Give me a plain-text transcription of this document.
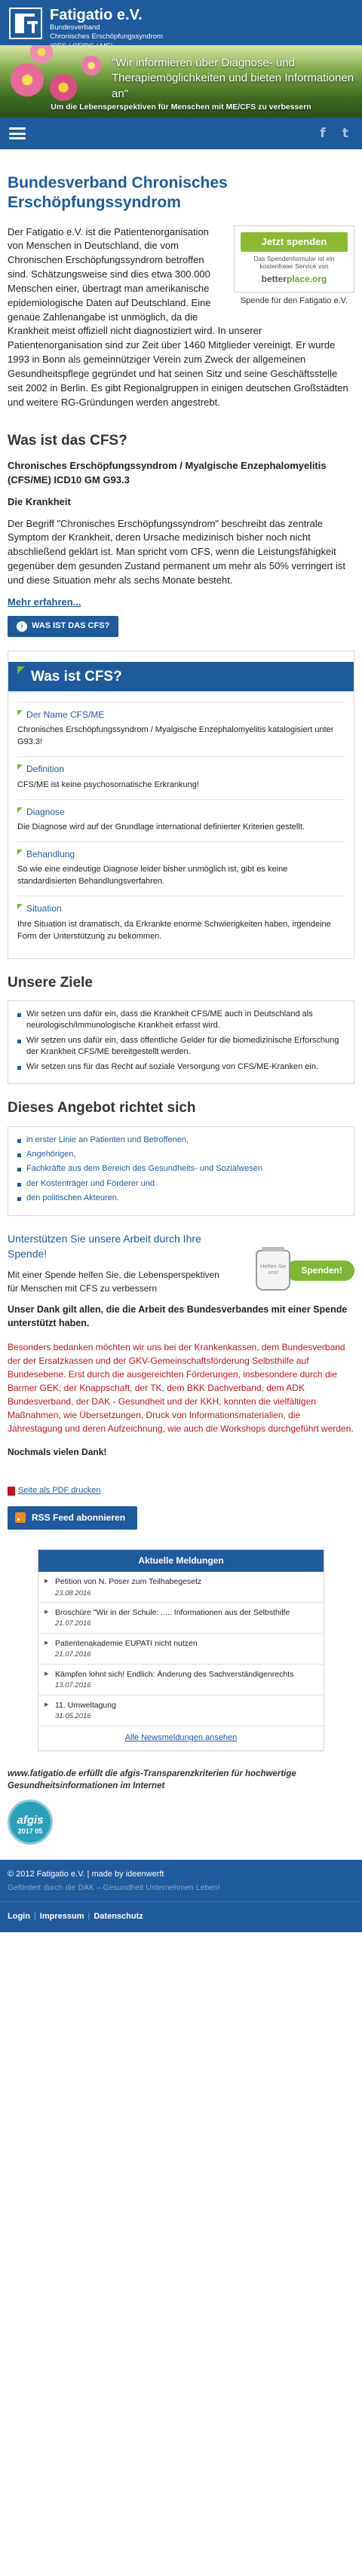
Fatigatio e.V.
Bundesverband
Chronisches Erschöpfungssyndrom
"Wir informieren über Diagnose- und Therapiemöglichkeiten und bieten Informationen an"
Um die Lebensperspektiven für Menschen mit ME/CFS zu verbessern
f	t
Bundesverband Chronisches Erschöpfungssyndrom
Jetzt spenden
Das Spendenformular ist ein kostenfreier Service von
betterplace.org
Spende für den Fatigatio e.V.

Der Fatigatio e.V. ist die Patientenorganisation von Menschen in Deutschland, die vom Chronischen Erschöpfungssyndrom betroffen sind. Schätzungsweise sind dies etwa 300.000 Menschen einer, übertragt man amerikanische epidemiologische Daten auf Deutschland. Eine genaue Zahlenangabe ist unmöglich, da die Krankheit meist offiziell nicht diagnostiziert wird. In unserer Patientenorganisation sind zur Zeit über 1460 Mitglieder vereinigt. Er wurde 1993 in Bonn als gemeinnütziger Verein zum Zweck der allgemeinen Gesundheitspflege gegründet und hat seinen Sitz und seine Geschäftsstelle seit 2002 in Berlin. Es gibt Regionalgruppen in einigen deutschen Großstädten und weitere RG-Gründungen werden angestrebt.

Was ist das CFS?

Chronisches Erschöpfungssyndrom / Myalgische Enzephalomyelitis (CFS/ME) ICD10 GM G93.3

Die Krankheit

Der Begriff "Chronisches Erschöpfungssyndrom" beschreibt das zentrale Symptom der Krankheit, deren Ursache medizinisch bisher noch nicht abschließend geklärt ist. Man spricht vom CFS, wenn die Leistungsfähigkeit gegenüber dem gesunden Zustand permanent um mehr als 50% verringert ist und diese Situation mehr als sechs Monate besteht.

Mehr erfahren...
›	WAS IST DAS CFS?
Was ist CFS?
Der Name CFS/ME
Chronisches Erschöpfungssyndrom / Myalgische Enzephalomyelitis katalogisiert unter G93.3!
Definition
CFS/ME ist keine psychosomatische Erkrankung!
Diagnose
Die Diagnose wird auf der Grundlage international definierter Kriterien gestellt.
Behandlung
So wie eine eindeutige Diagnose leider bisher unmöglich ist, gibt es keine standardisierten Behandlungsverfahren.
Situation
Ihre Situation ist dramatisch, da Erkrankte enorme Schwierigkeiten haben, irgendeine Form der Unterstützung zu bekommen.
Unsere Ziele
Wir setzen uns dafür ein, dass die Krankheit CFS/ME auch in Deutschland als neurologisch/immunologische Krankheit erfasst wird.
Wir setzen uns dafür ein, dass öffentliche Gelder für die biomedizinische Erforschung der Krankheit CFS/ME bereitgestellt werden.
Wir setzen uns für das Recht auf soziale Versorgung von CFS/ME-Kranken ein.
Dieses Angebot richtet sich
in erster Linie an Patienten und Betroffenen,
Angehörigen,
Fachkräfte aus dem Bereich des Gesundheits- und Sozialwesen
der Kostenträger und Förderer und
den politischen Akteuren.
Unterstützen Sie unsere Arbeit durch Ihre Spende!
Mit einer Spende helfen Sie, die Lebensperspektiven für Menschen mit CFS zu verbessern
Helfen Sie uns!	Spenden!

Unser Dank gilt allen, die die Arbeit des Bundesverbandes mit einer Spende unterstützt haben.

Besonders bedanken möchten wir uns bei der Krankenkassen, dem Bundesverband der der Ersatzkassen und der GKV-Gemeinschaftsförderung Selbsthilfe auf Bundesebene. Erst durch die ausgereichten Förderungen, insbesondere durch die Barmer GEK, der Knappschaft, der TK, dem BKK Dachverband, dem ADK Bundesverband, der DAK - Gesundheit und der KKH, konnten die vielfältigen Maßnahmen, wie Übersetzungen, Druck von Informationsmaterialien, die Jahrestagung und deren Aufzeichnung, wie auch die Workshops durchgeführt werden.

Nochmals vielen Dank!

Seite als PDF drucken
RSS Feed abonnieren
Aktuelle Meldungen
▶ Petition von N. Poser zum Teilhabegesetz
23.08.2016
▶ Broschüre "Wir in der Schule: ..... Informationen aus der Selbsthilfe
21.07.2016
▶ Patientenakademie EUPATI nicht nutzen
21.07.2016
▶ Kämpfen lohnt sich! Endlich: Änderung des Sachverständigenrechts
13.07.2016
▶ 11. Umweltagung
31.05.2016
Alle Newsmeldungen ansehen

www.fatigatio.de erfüllt die afgis-Transparenzkriterien für hochwertige Gesundheitsinformationen im Internet

afgis
2017 05
© 2012 Fatigatio e.V. | made by ideenwerft
Gefördert durch die DAK – Gesundheit Unternehmen Leben!
Login | Impressum | Datenschutz
